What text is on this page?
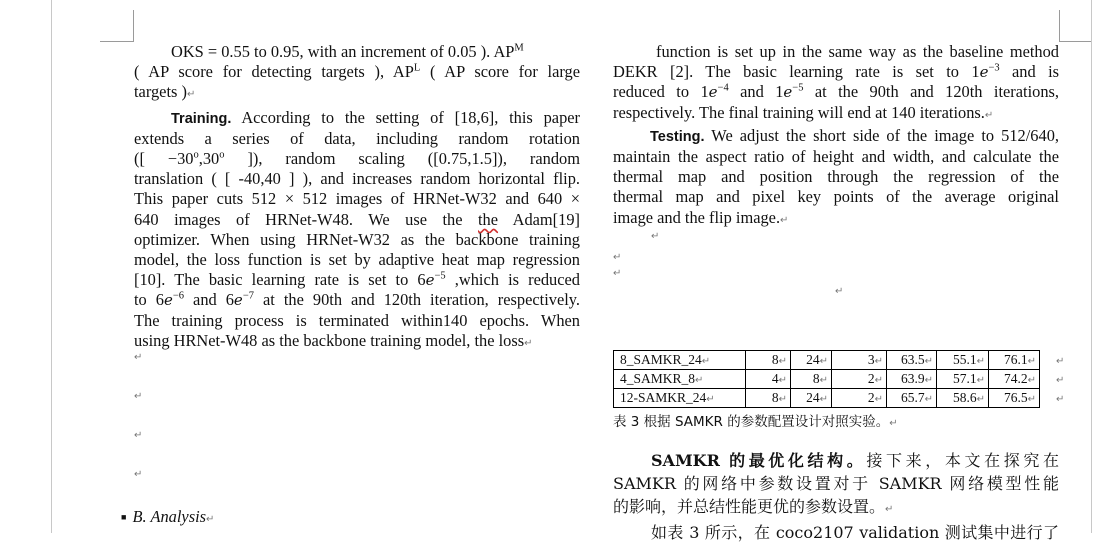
OKS = 0.55 to 0.95, with an increment of 0.05 ). $AP^M$
( AP score for detecting targets ), $AP^L$ ( AP score for large
targets )↵

Training. According to the setting of [18,6], this paper
extends a series of data, including random rotation
([ $-30^o,30^o$ ]), random scaling ([0.75,1.5]), random
translation ( [ -40,40 ] ), and increases random horizontal flip.
This paper cuts 512 × 512 images of HRNet-W32 and 640 ×
640 images of HRNet-W48. We use the the Adam[19]
optimizer. When using HRNet-W32 as the backbone training
model, the loss function is set by adaptive heat map regression
[10]. The basic learning rate is set to $6e^{-5}$ ,which is reduced
to $6e^{-6}$ and $6e^{-7}$ at the 90th and 120th iteration, respectively.
The training process is terminated within140 epochs. When
using HRNet-W48 as the backbone training model, the loss↵

↵
↵
↵
↵
■ B. Analysis↵
function is set up in the same way as the baseline method
DEKR [2]. The basic learning rate is set to $1e^{-3}$ and is
reduced to $1e^{-4}$ and $1e^{-5}$ at the 90th and 120th iterations,
respectively. The final training will end at 140 iterations.↵
Testing. We adjust the short side of the image to 512/640,
maintain the aspect ratio of height and width, and calculate the
thermal map and position through the regression of the
thermal map and pixel key points of the average original
image and the flip image.↵
↵
↵
↵
↵
8_SAMKR_24↵	8↵	24↵	3↵	63.5↵	55.1↵	76.1↵
4_SAMKR_8↵	4↵	8↵	2↵	63.9↵	57.1↵	74.2↵
12-SAMKR_24↵	8↵	24↵	2↵	65.7↵	58.6↵	76.5↵
↵
↵
↵
表 3 根据 SAMKR 的参数配置设计对照实验。↵
SAMKR 的最优化结构。接下来，本文在探究在
SAMKR 的网络中参数设置对于 SAMKR 网络模型性能
的影响，并总结性能更优的参数设置。↵
如表 3 所示，在 coco2107 validation 测试集中进行了
